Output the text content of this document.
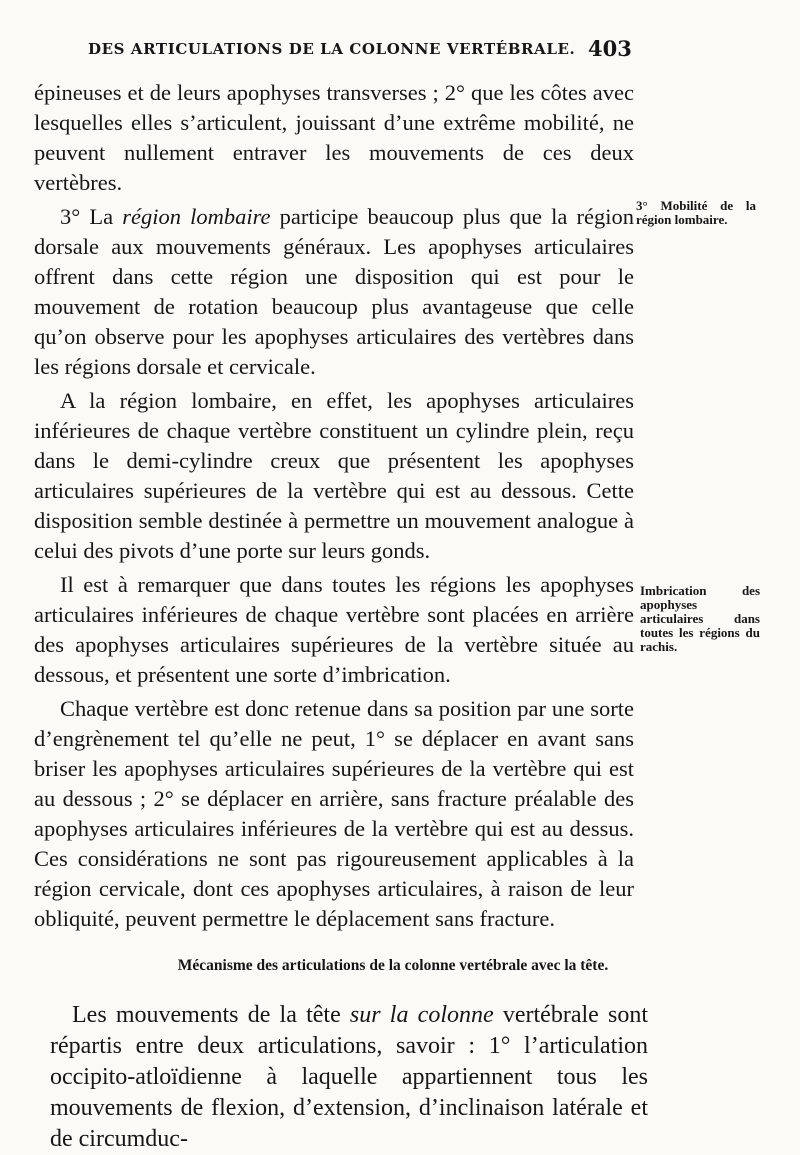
DES ARTICULATIONS DE LA COLONNE VERTÉBRALE. 403

épineuses et de leurs apophyses transverses ; 2° que les côtes avec lesquelles elles s’articulent, jouissant d’une extrême mobilité, ne peuvent nullement entraver les mouvements de ces deux vertèbres.

3° La région lombaire participe beaucoup plus que la région dorsale aux mouvements généraux. Les apophyses articulaires offrent dans cette région une disposition qui est pour le mouvement de rotation beaucoup plus avantageuse que celle qu’on observe pour les apophyses articulaires des vertèbres dans les régions dorsale et cervicale.

A la région lombaire, en effet, les apophyses articulaires inférieures de chaque vertèbre constituent un cylindre plein, reçu dans le demi-cylindre creux que présentent les apophyses articulaires supérieures de la vertèbre qui est au dessous. Cette disposition semble destinée à permettre un mouvement analogue à celui des pivots d’une porte sur leurs gonds.

Il est à remarquer que dans toutes les régions les apophyses articulaires inférieures de chaque vertèbre sont placées en arrière des apophyses articulaires supérieures de la vertèbre située au dessous, et présentent une sorte d’imbrication.

Chaque vertèbre est donc retenue dans sa position par une sorte d’engrènement tel qu’elle ne peut, 1° se déplacer en avant sans briser les apophyses articulaires supérieures de la vertèbre qui est au dessous ; 2° se déplacer en arrière, sans fracture préalable des apophyses articulaires inférieures de la vertèbre qui est au dessus. Ces considérations ne sont pas rigoureusement applicables à la région cervicale, dont ces apophyses articulaires, à raison de leur obliquité, peuvent permettre le déplacement sans fracture.

3° Mobilité de la région lombaire.
Imbrication des apophyses articulaires dans toutes les régions du rachis.
Mécanisme des articulations de la colonne vertébrale avec la tête.

Les mouvements de la tête sur la colonne vertébrale sont répartis entre deux articulations, savoir : 1° l’articulation occipito-atloïdienne à laquelle appartiennent tous les mouvements de flexion, d’extension, d’inclinaison latérale et de circumduc-
